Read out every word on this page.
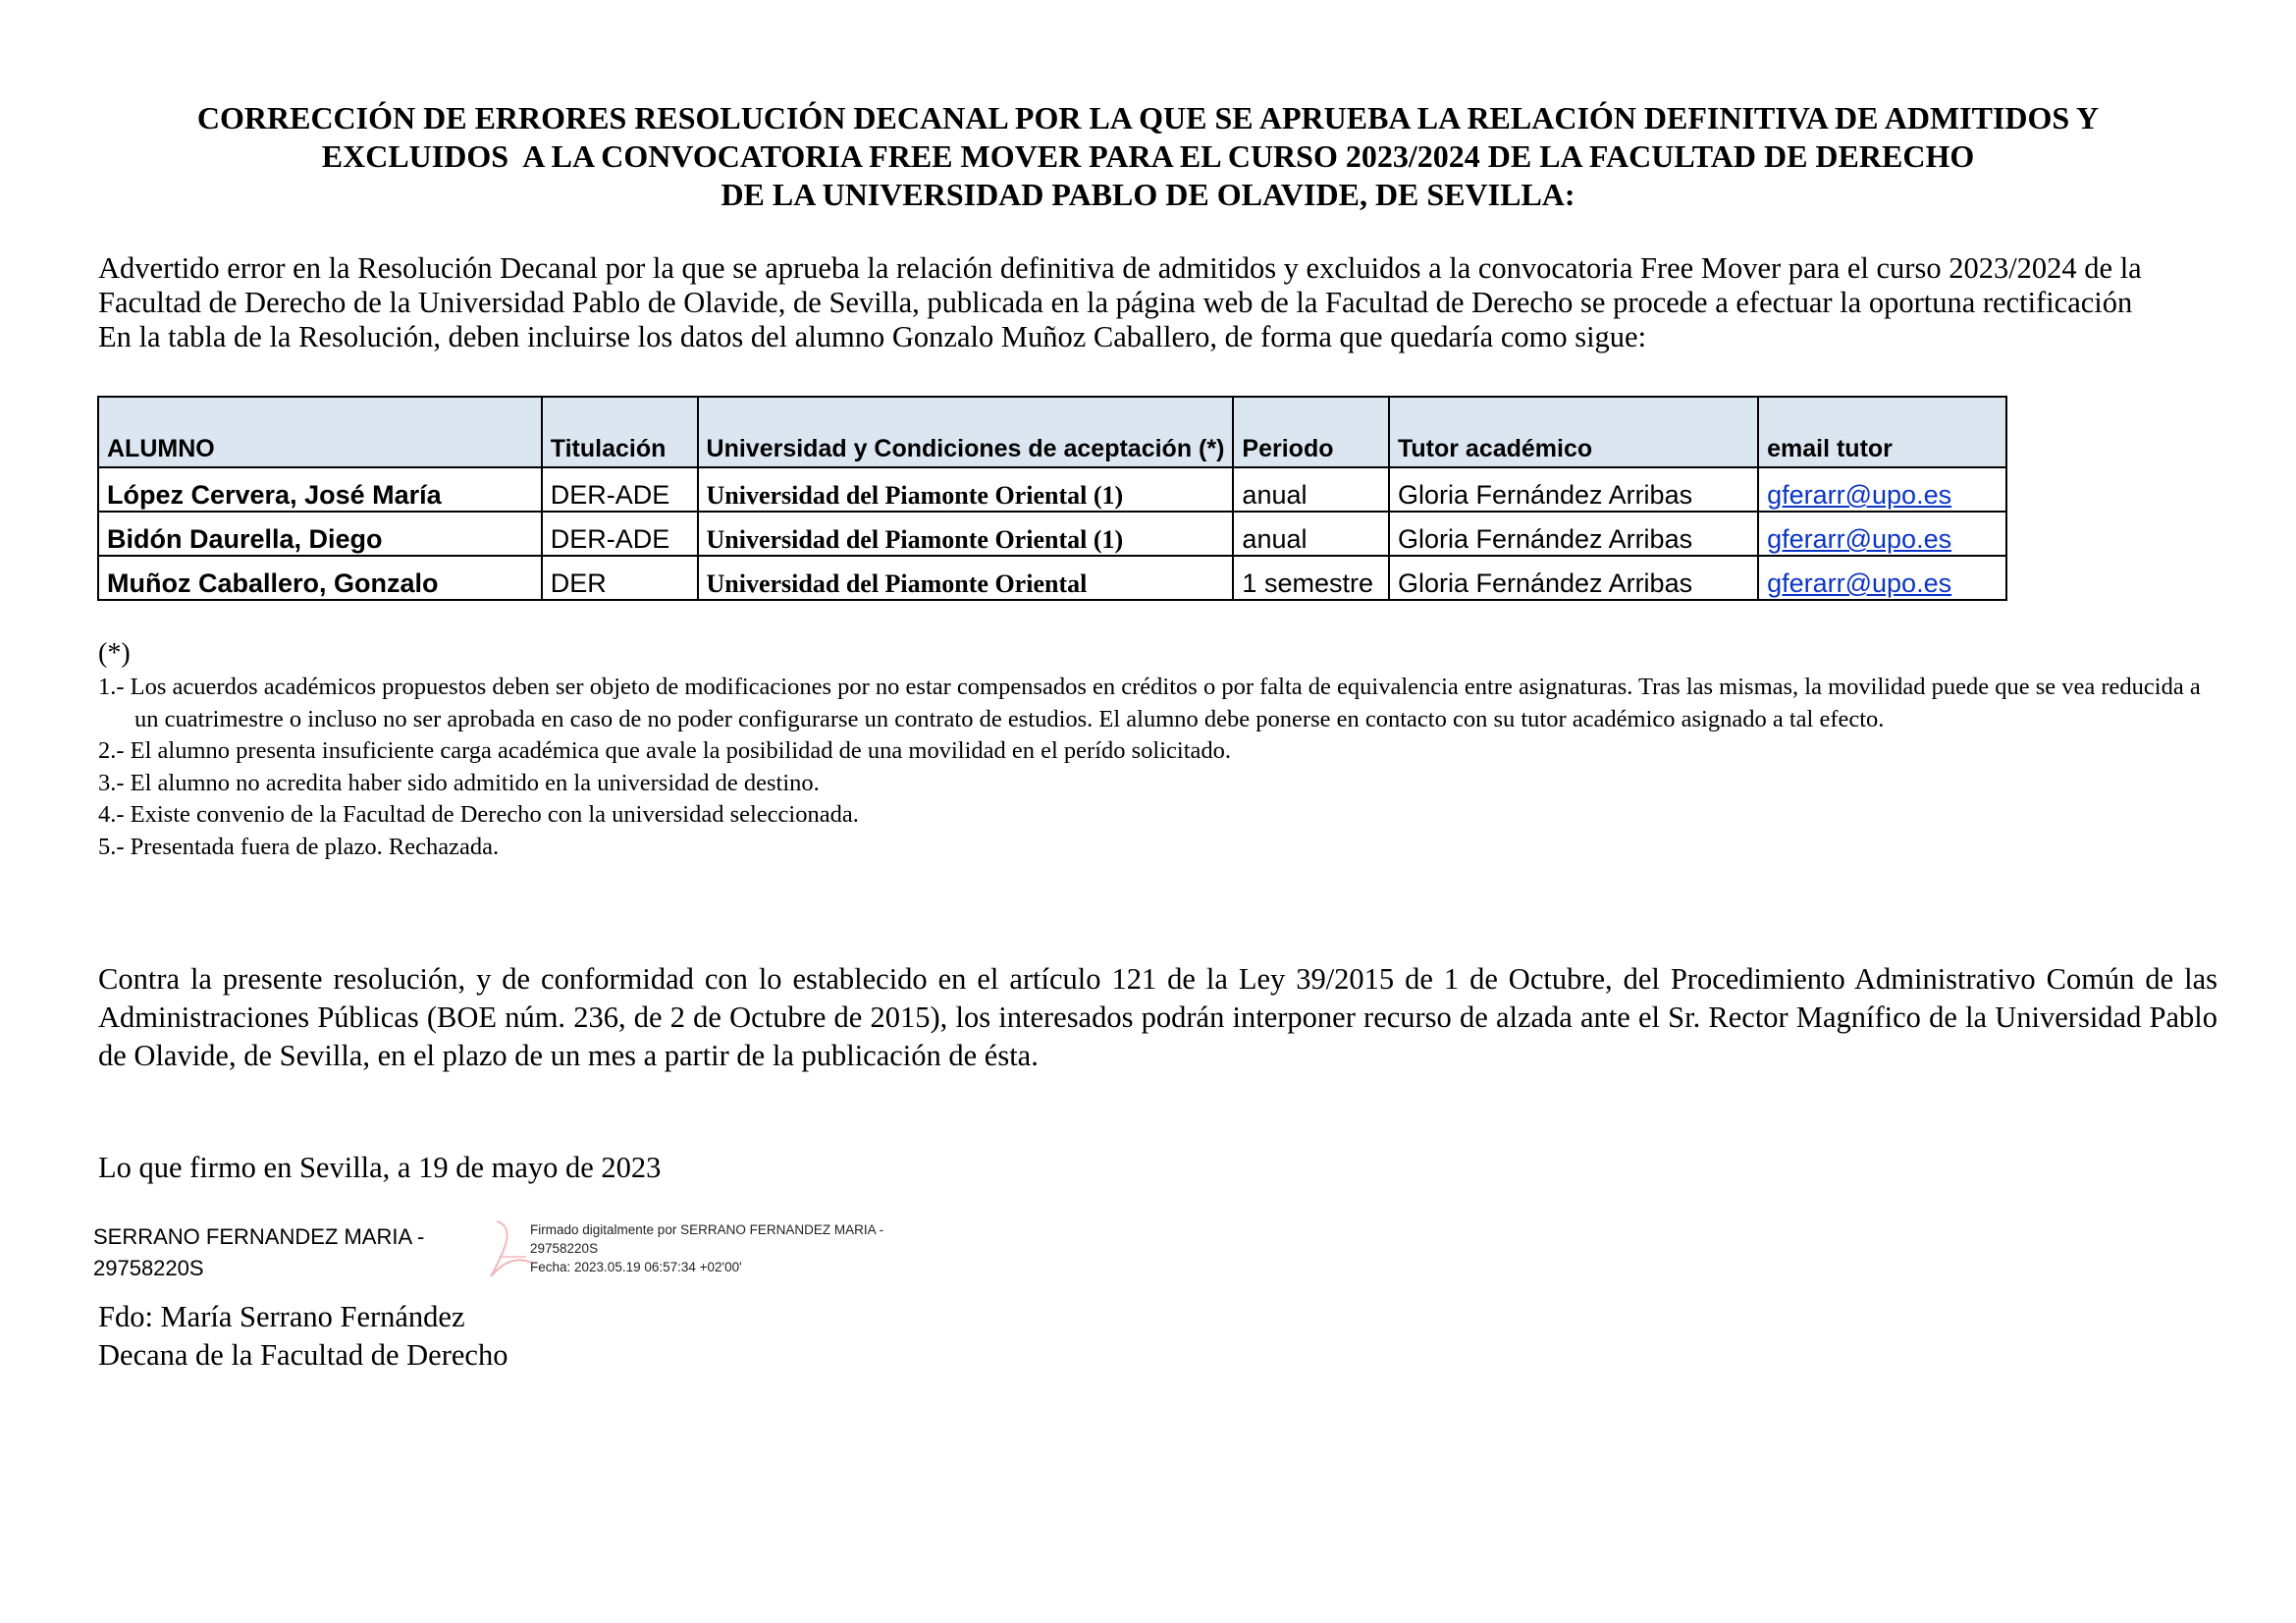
CORRECCIÓN DE ERRORES RESOLUCIÓN DECANAL POR LA QUE SE APRUEBA LA RELACIÓN DEFINITIVA DE ADMITIDOS Y
EXCLUIDOS  A LA CONVOCATORIA FREE MOVER PARA EL CURSO 2023/2024 DE LA FACULTAD DE DERECHO
DE LA UNIVERSIDAD PABLO DE OLAVIDE, DE SEVILLA:

Advertido error en la Resolución Decanal por la que se aprueba la relación definitiva de admitidos y excluidos a la convocatoria Free Mover para el curso 2023/2024 de la Facultad de Derecho de la Universidad Pablo de Olavide, de Sevilla, publicada en la página web de la Facultad de Derecho se procede a efectuar la oportuna rectificación

En la tabla de la Resolución, deben incluirse los datos del alumno Gonzalo Muñoz Caballero, de forma que quedaría como sigue:

ALUMNO	Titulación	Universidad y Condiciones de aceptación (*)	Periodo	Tutor académico	email tutor
López Cervera, José María	DER-ADE	Universidad del Piamonte Oriental (1)	anual	Gloria Fernández Arribas	gferarr@upo.es
Bidón Daurella, Diego	DER-ADE	Universidad del Piamonte Oriental (1)	anual	Gloria Fernández Arribas	gferarr@upo.es
Muñoz Caballero, Gonzalo	DER	Universidad del Piamonte Oriental	1 semestre	Gloria Fernández Arribas	gferarr@upo.es
(*)
1.- Los acuerdos académicos propuestos deben ser objeto de modificaciones por no estar compensados en créditos o por falta de equivalencia entre asignaturas. Tras las mismas, la movilidad puede que se vea reducida a un cuatrimestre o incluso no ser aprobada en caso de no poder configurarse un contrato de estudios. El alumno debe ponerse en contacto con su tutor académico asignado a tal efecto.
2.- El alumno presenta insuficiente carga académica que avale la posibilidad de una movilidad en el perído solicitado.
3.- El alumno no acredita haber sido admitido en la universidad de destino.
4.- Existe convenio de la Facultad de Derecho con la universidad seleccionada.
5.- Presentada fuera de plazo. Rechazada.

Contra la presente resolución, y de conformidad con lo establecido en el artículo 121 de la Ley 39/2015 de 1 de Octubre, del Procedimiento Administrativo Común de las Administraciones Públicas (BOE núm. 236, de 2 de Octubre de 2015), los interesados podrán interponer recurso de alzada ante el Sr. Rector Magnífico de la Universidad Pablo de Olavide, de Sevilla, en el plazo de un mes a partir de la publicación de ésta.

Lo que firmo en Sevilla, a 19 de mayo de 2023

SERRANO FERNANDEZ MARIA -
29758220S
Firmado digitalmente por SERRANO FERNANDEZ MARIA -
29758220S
Fecha: 2023.05.19 06:57:34 +02'00'
Fdo: María Serrano Fernández
Decana de la Facultad de Derecho
